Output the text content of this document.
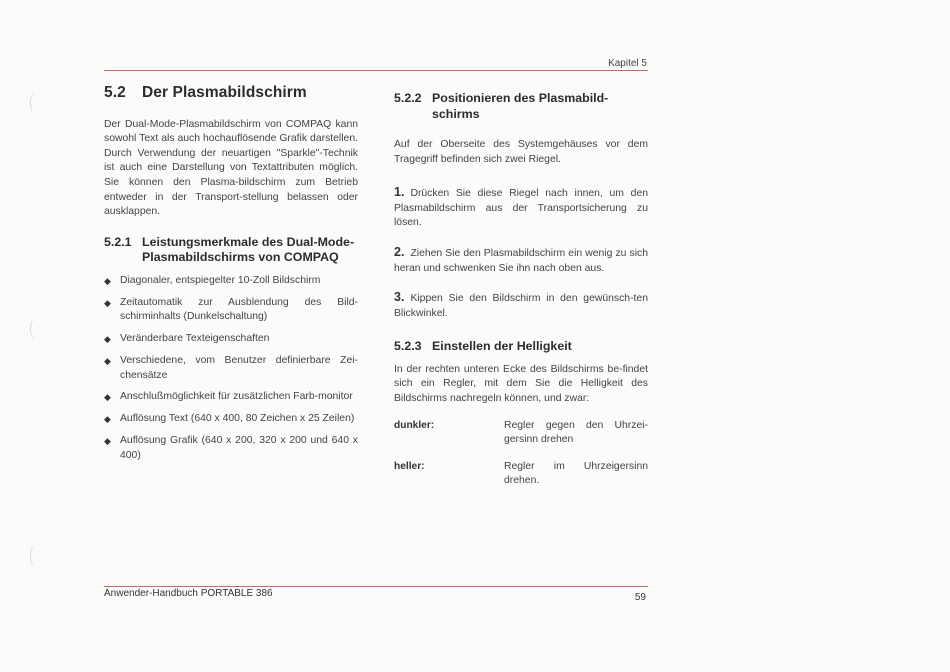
Kapitel 5
5.2 Der Plasmabildschirm

Der Dual-Mode-Plasmabildschirm von COMPAQ kann sowohl Text als auch hochauflösende Grafik darstellen. Durch Verwendung der neuartigen "Sparkle"-Technik ist auch eine Darstellung von Textattributen möglich. Sie können den Plasma-bildschirm zum Betrieb entweder in der Transport-stellung belassen oder ausklappen.

5.2.1 Leistungsmerkmale des Dual-Mode-Plasmabildschirms von COMPAQ
◆ Diagonaler, entspiegelter 10-Zoll Bildschirm
◆ Zeitautomatik zur Ausblendung des Bild-schirminhalts (Dunkelschaltung)
◆ Veränderbare Texteigenschaften
◆ Verschiedene, vom Benutzer definierbare Zei-chensätze
◆ Anschlußmöglichkeit für zusätzlichen Farb-monitor
◆ Auflösung Text (640 x 400, 80 Zeichen x 25 Zeilen)
◆ Auflösung Grafik (640 x 200, 320 x 200 und 640 x 400)
5.2.2 Positionieren des Plasmabild-schirms

Auf der Oberseite des Systemgehäuses vor dem Tragegriff befinden sich zwei Riegel.

1. Drücken Sie diese Riegel nach innen, um den Plasmabildschirm aus der Transportsicherung zu lösen.

2. Ziehen Sie den Plasmabildschirm ein wenig zu sich heran und schwenken Sie ihn nach oben aus.

3. Kippen Sie den Bildschirm in den gewünsch-ten Blickwinkel.

5.2.3 Einstellen der Helligkeit

In der rechten unteren Ecke des Bildschirms be-findet sich ein Regler, mit dem Sie die Helligkeit des Bildschirms nachregeln können, und zwar:

dunkler:	Regler gegen den Uhrzei-gersinn drehen
heller:	Regler im Uhrzeigersinn drehen.
Anwender-Handbuch PORTABLE 386	59
